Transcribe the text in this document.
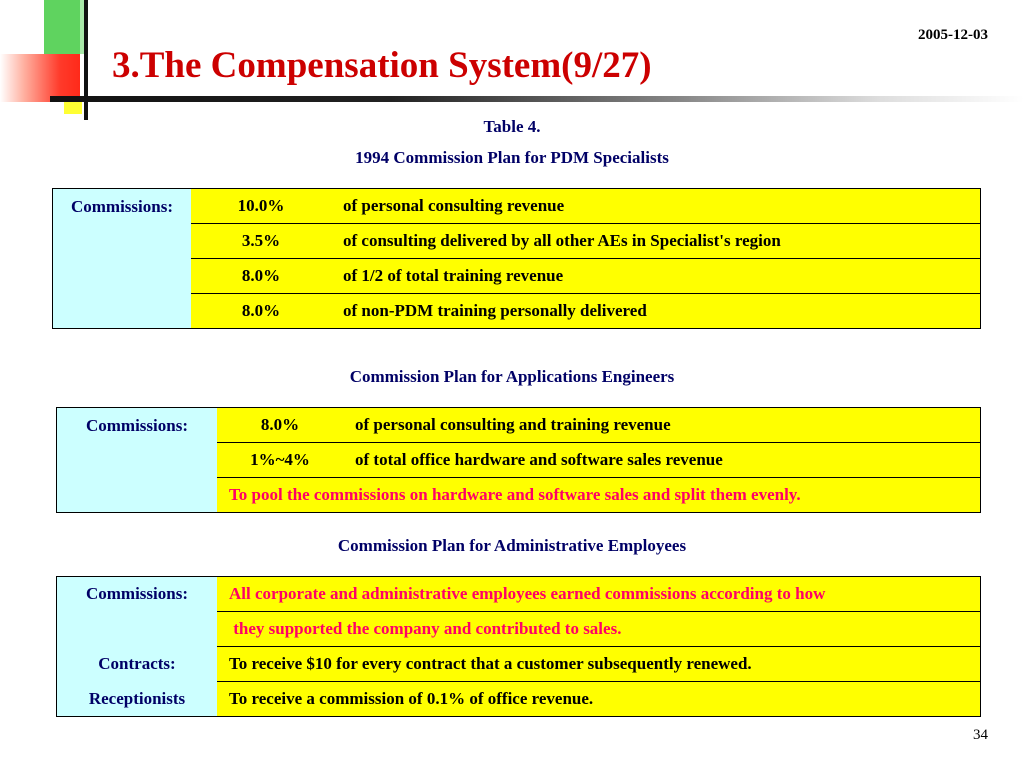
2005-12-03
3.The Compensation System(9/27)
Table 4.
1994 Commission Plan for PDM Specialists
Commissions:	10.0%	of personal consulting revenue
	3.5%	of consulting delivered by all other AEs in Specialist's region
	8.0%	of 1/2 of total training revenue
	8.0%	of non-PDM training personally delivered
Commission Plan for Applications Engineers
Commissions:	8.0%	of personal consulting and training revenue
	1%~4%	of total office hardware and software sales revenue
	To pool the commissions on hardware and software sales and split them evenly.	
Commission Plan for Administrative Employees
Commissions:	All corporate and administrative employees earned commissions according to how
	they supported the company and contributed to sales.
Contracts:	To receive $10 for every contract that a customer subsequently renewed.
Receptionists	To receive a commission of 0.1% of office revenue.
34
